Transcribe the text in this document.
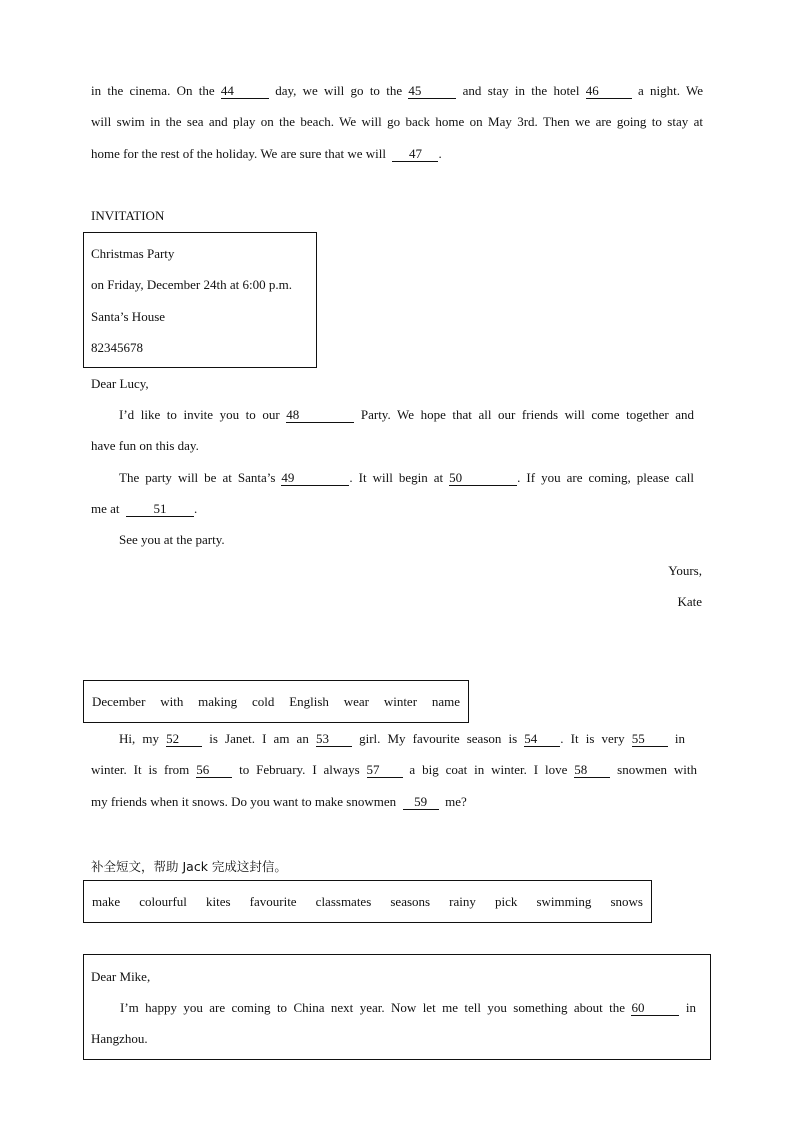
in the cinema. On the 44	day, we will go to the 45	and stay in the hotel 46	a night. We
will swim in the sea and play on the beach. We will go back home on May 3rd. Then we are going to stay at
home for the rest of the holiday. We are sure that we will 47 .
INVITATION
Christmas Party
on Friday, December 24th at 6:00 p.m.
Santa’s House
82345678
Dear Lucy,
I’d like to invite you to our 48	Party. We hope that all our friends will come together and
have fun on this day.
The party will be at Santa’s 49	. It will begin at 50	. If you are coming, please call
me at	51 .
See you at the party.
Yours,
Kate
December with making cold English wear winter name
Hi, my 52 is Janet. I am an 53 girl. My favourite season is 54 . It is very 55 in
winter. It is from 56 to February. I always 57 a big coat in winter. I love 58 snowmen with
my friends when it snows. Do you want to make snowmen 59 me?
补全短文，帮助 Jack 完成这封信。
make colourful kites favourite classmates seasons rainy pick swimming snows
Dear Mike,
I’m happy you are coming to China next year. Now let me tell you something about the 60	in
Hangzhou.
